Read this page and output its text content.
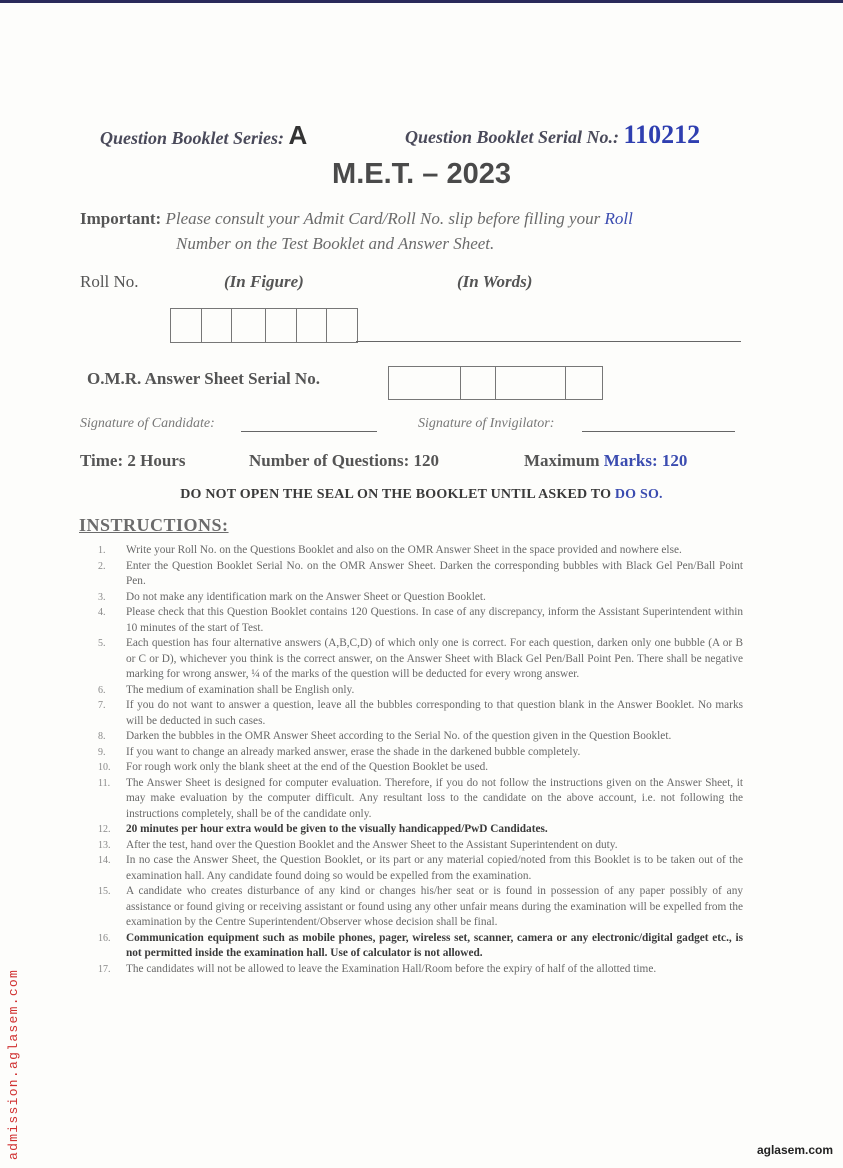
Question Booklet Series: A	Question Booklet Serial No.: 110212
M.E.T. – 2023
Important: Please consult your Admit Card/Roll No. slip before filling your Roll
Number on the Test Booklet and Answer Sheet.
Roll No.	(In Figure)	(In Words)
O.M.R. Answer Sheet Serial No.
Signature of Candidate:	Signature of Invigilator:
Time: 2 Hours	Number of Questions: 120	Maximum Marks: 120
DO NOT OPEN THE SEAL ON THE BOOKLET UNTIL ASKED TO DO SO.
INSTRUCTIONS:
1.	Write your Roll No. on the Questions Booklet and also on the OMR Answer Sheet in the space provided and nowhere else.
2.	Enter the Question Booklet Serial No. on the OMR Answer Sheet. Darken the corresponding bubbles with Black Gel Pen/Ball Point Pen.
3.	Do not make any identification mark on the Answer Sheet or Question Booklet.
4.	Please check that this Question Booklet contains 120 Questions. In case of any discrepancy, inform the Assistant Superintendent within 10 minutes of the start of Test.
5.	Each question has four alternative answers (A,B,C,D) of which only one is correct. For each question, darken only one bubble (A or B or C or D), whichever you think is the correct answer, on the Answer Sheet with Black Gel Pen/Ball Point Pen. There shall be negative marking for wrong answer, ¼ of the marks of the question will be deducted for every wrong answer.
6.	The medium of examination shall be English only.
7.	If you do not want to answer a question, leave all the bubbles corresponding to that question blank in the Answer Booklet. No marks will be deducted in such cases.
8.	Darken the bubbles in the OMR Answer Sheet according to the Serial No. of the question given in the Question Booklet.
9.	If you want to change an already marked answer, erase the shade in the darkened bubble completely.
10.	For rough work only the blank sheet at the end of the Question Booklet be used.
11.	The Answer Sheet is designed for computer evaluation. Therefore, if you do not follow the instructions given on the Answer Sheet, it may make evaluation by the computer difficult. Any resultant loss to the candidate on the above account, i.e. not following the instructions completely, shall be of the candidate only.
12.	20 minutes per hour extra would be given to the visually handicapped/PwD Candidates.
13.	After the test, hand over the Question Booklet and the Answer Sheet to the Assistant Superintendent on duty.
14.	In no case the Answer Sheet, the Question Booklet, or its part or any material copied/noted from this Booklet is to be taken out of the examination hall. Any candidate found doing so would be expelled from the examination.
15.	A candidate who creates disturbance of any kind or changes his/her seat or is found in possession of any paper possibly of any assistance or found giving or receiving assistant or found using any other unfair means during the examination will be expelled from the examination by the Centre Superintendent/Observer whose decision shall be final.
16.	Communication equipment such as mobile phones, pager, wireless set, scanner, camera or any electronic/digital gadget etc., is not permitted inside the examination hall. Use of calculator is not allowed.
17.	The candidates will not be allowed to leave the Examination Hall/Room before the expiry of half of the allotted time.
admission.aglasem.com	aglasem.com
